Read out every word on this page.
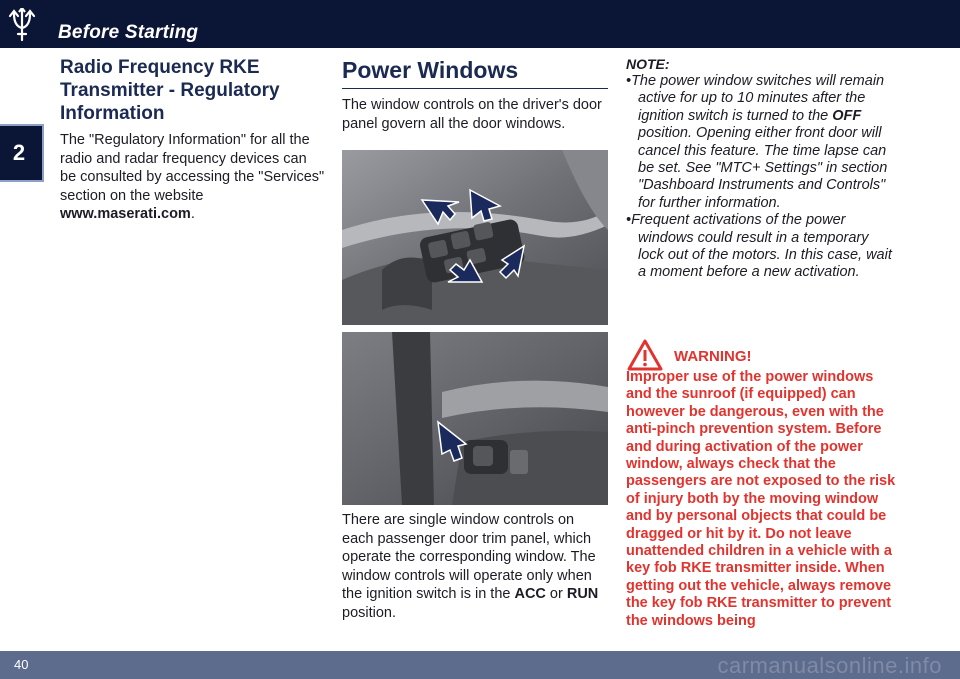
Before Starting
2
Radio Frequency RKE Transmitter - Regulatory Information

The "Regulatory Information" for all the radio and radar frequency devices can be consulted by accessing the "Services" section on the website www.maserati.com.

Power Windows

The window controls on the driver's door panel govern all the door windows.

There are single window controls on each passenger door trim panel, which operate the corresponding window. The window controls will operate only when the ignition switch is in the ACC or RUN position.

NOTE:

•The power window switches will remain active for up to 10 minutes after the ignition switch is turned to the OFF position. Opening either front door will cancel this feature. The time lapse can be set. See "MTC+ Settings" in section "Dashboard Instruments and Controls" for further information.

•Frequent activations of the power windows could result in a temporary lock out of the motors. In this case, wait a moment before a new activation.

WARNING!

Improper use of the power windows and the sunroof (if equipped) can however be dangerous, even with the anti-pinch prevention system. Before and during activation of the power window, always check that the passengers are not exposed to the risk of injury both by the moving window and by personal objects that could be dragged or hit by it. Do not leave unattended children in a vehicle with a key fob RKE transmitter inside. When getting out the vehicle, always remove the key fob RKE transmitter to prevent the windows being

40	carmanualsonline.info
